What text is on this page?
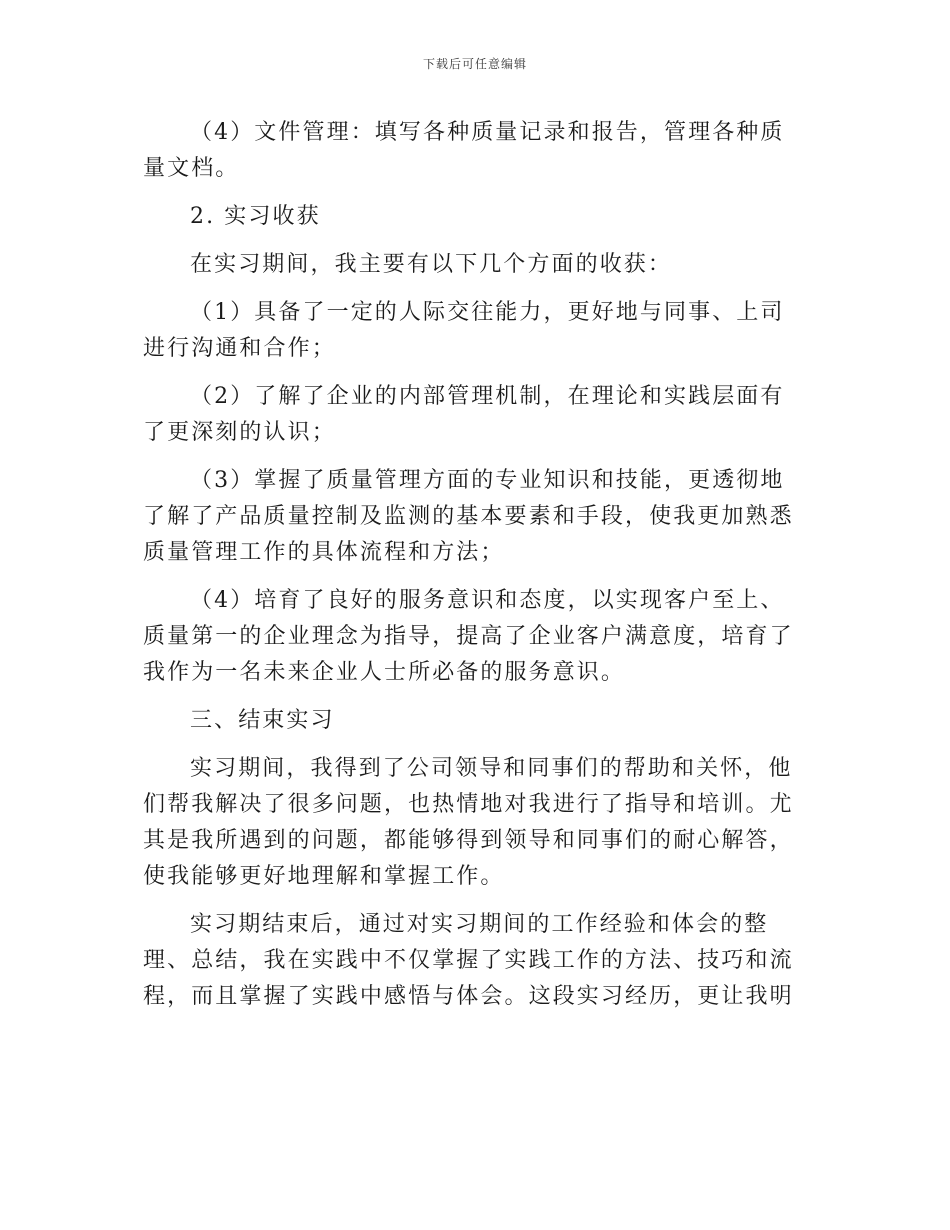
下载后可任意编辑

（4）文件管理：填写各种质量记录和报告，管理各种质
量文档。

2. 实习收获

在实习期间，我主要有以下几个方面的收获：

（1）具备了一定的人际交往能力，更好地与同事、上司
进行沟通和合作；

（2）了解了企业的内部管理机制，在理论和实践层面有
了更深刻的认识；

（3）掌握了质量管理方面的专业知识和技能，更透彻地
了解了产品质量控制及监测的基本要素和手段，使我更加熟悉
质量管理工作的具体流程和方法；

（4）培育了良好的服务意识和态度，以实现客户至上、
质量第一的企业理念为指导，提高了企业客户满意度，培育了
我作为一名未来企业人士所必备的服务意识。

三、结束实习

实习期间，我得到了公司领导和同事们的帮助和关怀，他
们帮我解决了很多问题，也热情地对我进行了指导和培训。尤
其是我所遇到的问题，都能够得到领导和同事们的耐心解答，
使我能够更好地理解和掌握工作。

实习期结束后，通过对实习期间的工作经验和体会的整
理、总结，我在实践中不仅掌握了实践工作的方法、技巧和流
程，而且掌握了实践中感悟与体会。这段实习经历，更让我明
